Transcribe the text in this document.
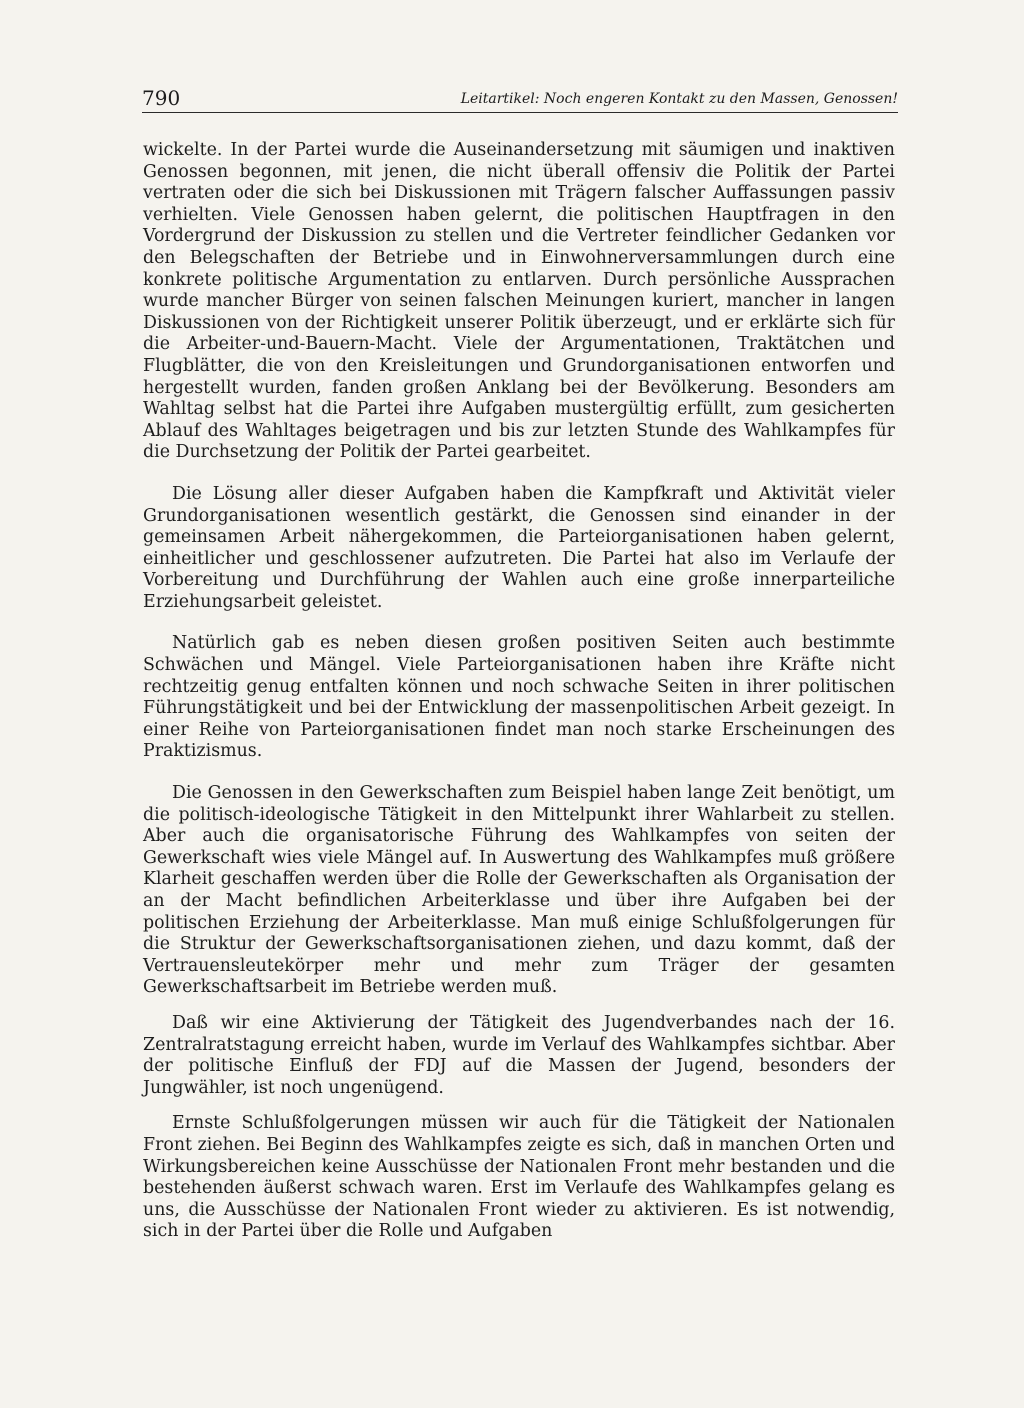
790	Leitartikel: Noch engeren Kontakt zu den Massen, Genossen!

wickelte. In der Partei wurde die Auseinandersetzung mit säumigen und inaktiven Genossen begonnen, mit jenen, die nicht überall offensiv die Politik der Partei vertraten oder die sich bei Diskussionen mit Trägern falscher Auffassungen passiv verhielten. Viele Genossen haben gelernt, die politischen Hauptfragen in den Vordergrund der Diskussion zu stellen und die Vertreter feindlicher Gedanken vor den Belegschaften der Betriebe und in Einwohnerversammlungen durch eine konkrete politische Argumentation zu entlarven. Durch persönliche Aussprachen wurde mancher Bürger von seinen falschen Meinungen kuriert, mancher in langen Diskussionen von der Richtigkeit unserer Politik überzeugt, und er erklärte sich für die Arbeiter-und-Bauern-Macht. Viele der Argumentationen, Traktätchen und Flugblätter, die von den Kreisleitungen und Grundorganisationen entworfen und hergestellt wurden, fanden großen Anklang bei der Bevölkerung. Besonders am Wahltag selbst hat die Partei ihre Aufgaben mustergültig erfüllt, zum gesicherten Ablauf des Wahltages beigetragen und bis zur letzten Stunde des Wahlkampfes für die Durchsetzung der Politik der Partei gearbeitet.

Die Lösung aller dieser Aufgaben haben die Kampfkraft und Aktivität vieler Grundorganisationen wesentlich gestärkt, die Genossen sind einander in der gemeinsamen Arbeit nähergekommen, die Parteiorganisationen haben gelernt, einheitlicher und geschlossener aufzutreten. Die Partei hat also im Verlaufe der Vorbereitung und Durchführung der Wahlen auch eine große innerparteiliche Erziehungsarbeit geleistet.

Natürlich gab es neben diesen großen positiven Seiten auch bestimmte Schwächen und Mängel. Viele Parteiorganisationen haben ihre Kräfte nicht rechtzeitig genug entfalten können und noch schwache Seiten in ihrer politischen Führungstätigkeit und bei der Entwicklung der massenpolitischen Arbeit gezeigt. In einer Reihe von Parteiorganisationen findet man noch starke Erscheinungen des Praktizismus.

Die Genossen in den Gewerkschaften zum Beispiel haben lange Zeit benötigt, um die politisch-ideologische Tätigkeit in den Mittelpunkt ihrer Wahlarbeit zu stellen. Aber auch die organisatorische Führung des Wahlkampfes von seiten der Gewerkschaft wies viele Mängel auf. In Auswertung des Wahlkampfes muß größere Klarheit geschaffen werden über die Rolle der Gewerkschaften als Organisation der an der Macht befindlichen Arbeiterklasse und über ihre Aufgaben bei der politischen Erziehung der Arbeiterklasse. Man muß einige Schlußfolgerungen für die Struktur der Gewerkschaftsorganisationen ziehen, und dazu kommt, daß der Vertrauensleutekörper mehr und mehr zum Träger der gesamten Gewerkschaftsarbeit im Betriebe werden muß.

Daß wir eine Aktivierung der Tätigkeit des Jugendverbandes nach der 16. Zentralratstagung erreicht haben, wurde im Verlauf des Wahlkampfes sichtbar. Aber der politische Einfluß der FDJ auf die Massen der Jugend, besonders der Jungwähler, ist noch ungenügend.

Ernste Schlußfolgerungen müssen wir auch für die Tätigkeit der Nationalen Front ziehen. Bei Beginn des Wahlkampfes zeigte es sich, daß in manchen Orten und Wirkungsbereichen keine Ausschüsse der Nationalen Front mehr bestanden und die bestehenden äußerst schwach waren. Erst im Verlaufe des Wahlkampfes gelang es uns, die Ausschüsse der Nationalen Front wieder zu aktivieren. Es ist notwendig, sich in der Partei über die Rolle und Aufgaben
